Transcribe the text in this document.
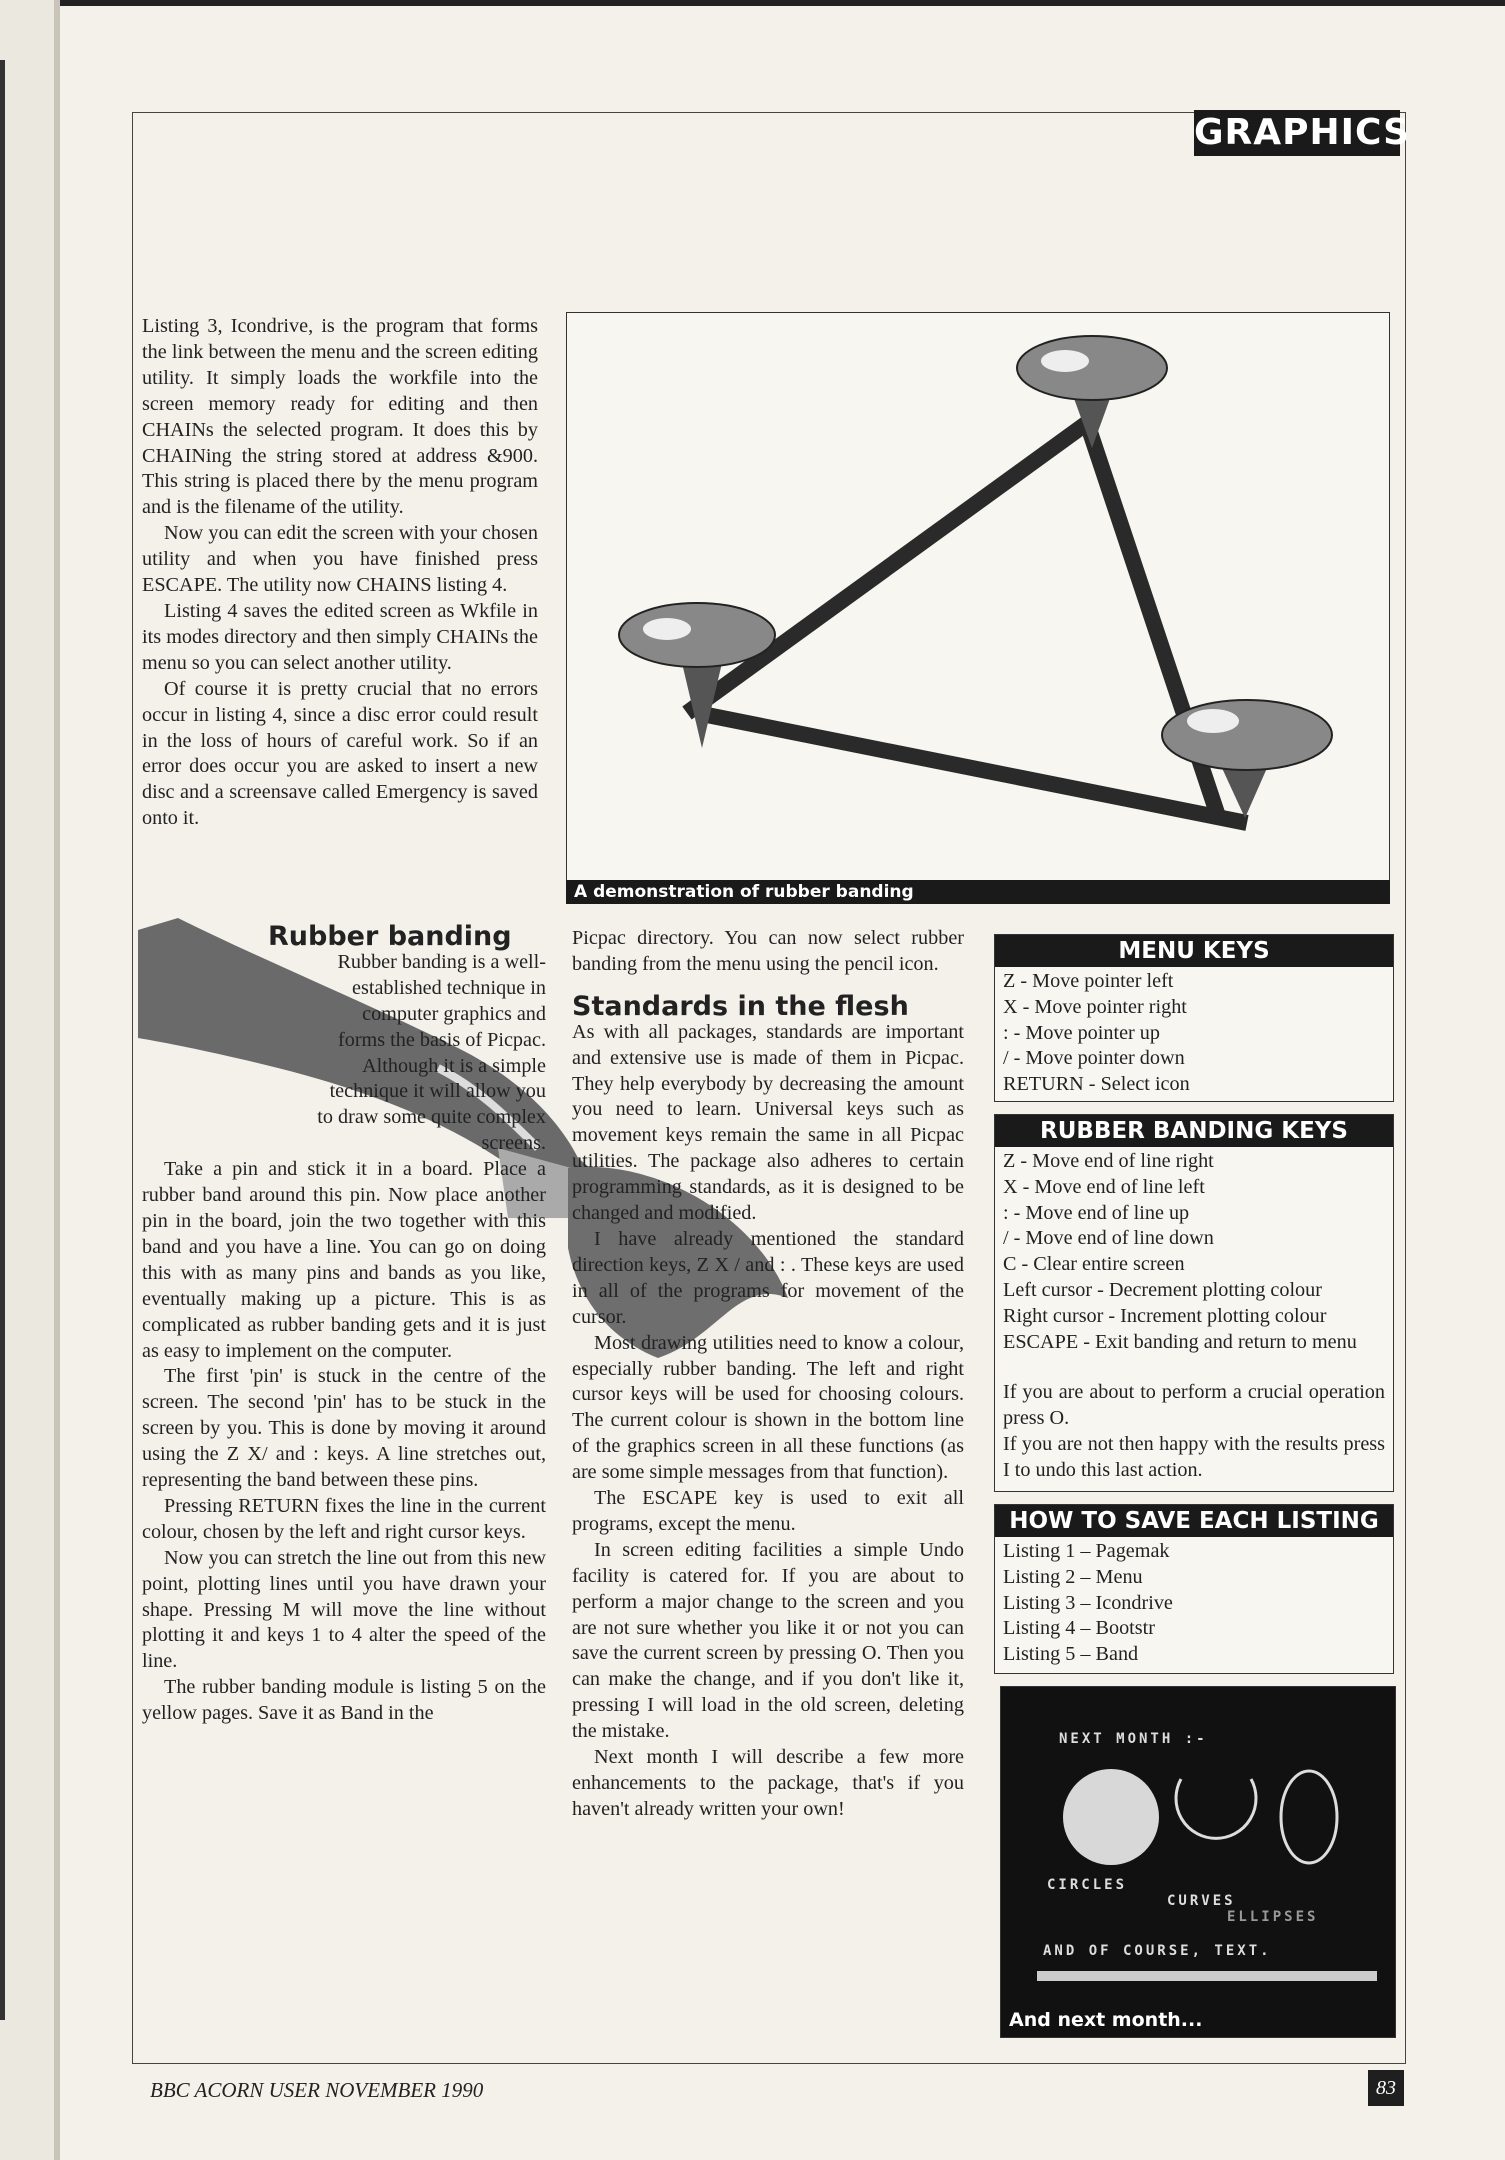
GRAPHICS

Listing 3, Icondrive, is the program that forms the link between the menu and the screen editing utility. It simply loads the workfile into the screen memory ready for editing and then CHAINs the selected program. It does this by CHAINing the string stored at address &900. This string is placed there by the menu program and is the filename of the utility.

Now you can edit the screen with your chosen utility and when you have finished press ESCAPE. The utility now CHAINS listing 4.

Listing 4 saves the edited screen as Wkfile in its modes directory and then simply CHAINs the menu so you can select another utility.

Of course it is pretty crucial that no errors occur in listing 4, since a disc error could result in the loss of hours of careful work. So if an error does occur you are asked to insert a new disc and a screensave called Emergency is saved onto it.

Rubber banding

Rubber banding is a well-established technique in computer graphics and forms the basis of Picpac. Although it is a simple technique it will allow you to draw some quite complex screens.

Take a pin and stick it in a board. Place a rubber band around this pin. Now place another pin in the board, join the two together with this band and you have a line. You can go on doing this with as many pins and bands as you like, eventually making up a picture. This is as complicated as rubber banding gets and it is just as easy to implement on the computer.

The first 'pin' is stuck in the centre of the screen. The second 'pin' has to be stuck in the screen by you. This is done by moving it around using the Z X/ and : keys. A line stretches out, representing the band between these pins.

Pressing RETURN fixes the line in the current colour, chosen by the left and right cursor keys.

Now you can stretch the line out from this new point, plotting lines until you have drawn your shape. Pressing M will move the line without plotting it and keys 1 to 4 alter the speed of the line.

The rubber banding module is listing 5 on the yellow pages. Save it as Band in the

A demonstration of rubber banding

Picpac directory. You can now select rubber banding from the menu using the pencil icon.

Standards in the flesh

As with all packages, standards are important and extensive use is made of them in Picpac. They help everybody by decreasing the amount you need to learn. Universal keys such as movement keys remain the same in all Picpac utilities. The package also adheres to certain programming standards, as it is designed to be changed and modified.

I have already mentioned the standard direction keys, Z X / and : . These keys are used in all of the programs for movement of the cursor.

Most drawing utilities need to know a colour, especially rubber banding. The left and right cursor keys will be used for choosing colours. The current colour is shown in the bottom line of the graphics screen in all these functions (as are some simple messages from that function).

The ESCAPE key is used to exit all programs, except the menu.

In screen editing facilities a simple Undo facility is catered for. If you are about to perform a major change to the screen and you are not sure whether you like it or not you can save the current screen by pressing O. Then you can make the change, and if you don't like it, pressing I will load in the old screen, deleting the mistake.

Next month I will describe a few more enhancements to the package, that's if you haven't already written your own!

MENU KEYS
Z - Move pointer left
X - Move pointer right
: - Move pointer up
/ - Move pointer down
RETURN - Select icon
RUBBER BANDING KEYS
Z - Move end of line right
X - Move end of line left
: - Move end of line up
/ - Move end of line down
C - Clear entire screen
Left cursor - Decrement plotting colour
Right cursor - Increment plotting colour
ESCAPE - Exit banding and return to menu

If you are about to perform a crucial operation press O.

If you are not then happy with the results press I to undo this last action.

HOW TO SAVE EACH LISTING
Listing 1 – Pagemak
Listing 2 – Menu
Listing 3 – Icondrive
Listing 4 – Bootstr
Listing 5 – Band
NEXT MONTH :-
CIRCLES
CURVES
ELLIPSES
AND OF COURSE, TEXT.
And next month...
BBC ACORN USER NOVEMBER 1990	83
